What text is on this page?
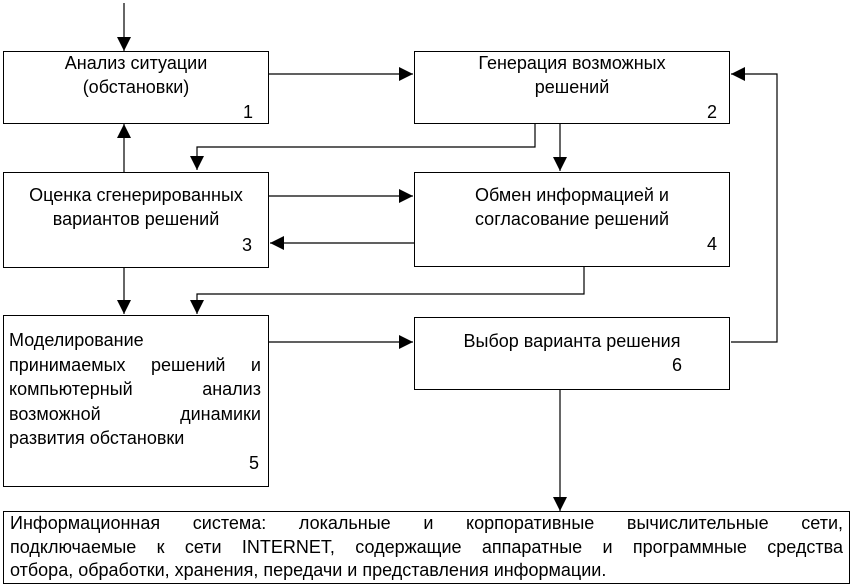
Анализ ситуации
(обстановки)
1
Генерация возможных
решений
2
Оценка сгенерированных
вариантов решений
3
Обмен информацией и
согласование решений
4
Моделирование
принимаемых решений и
компьютерный анализ
возможной динамики
развития обстановки
5
Выбор варианта решения
6
Информационная система: локальные и корпоративные вычислительные сети,
подключаемые к сети INTERNET, содержащие аппаратные и программные средства
отбора, обработки, хранения, передачи и представления информации.
